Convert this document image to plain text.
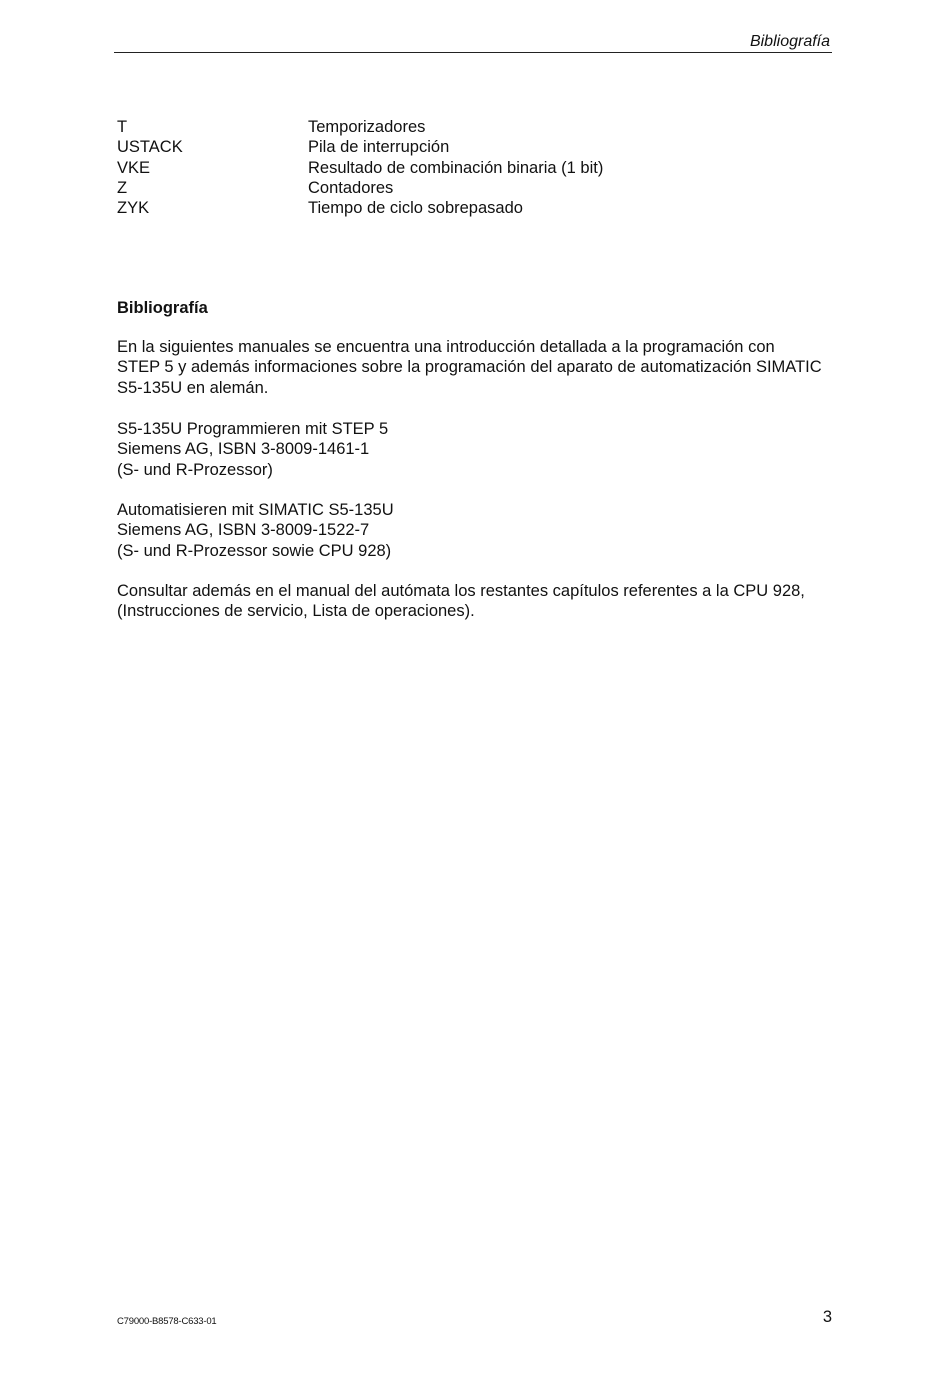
Bibliografía
T	Temporizadores
USTACK	Pila de interrupción
VKE	Resultado de combinación binaria (1 bit)
Z	Contadores
ZYK	Tiempo de ciclo sobrepasado
Bibliografía
En la siguientes manuales se encuentra una introducción detallada a la programación con
STEP 5 y además informaciones sobre la programación del aparato de automatización SIMATIC
S5-135U en alemán.
S5-135U Programmieren mit STEP 5
Siemens AG, ISBN 3-8009-1461-1
(S- und R-Prozessor)
Automatisieren mit SIMATIC S5-135U
Siemens AG, ISBN 3-8009-1522-7
(S- und R-Prozessor sowie CPU 928)
Consultar además en el manual del autómata los restantes capítulos referentes a la CPU 928,
(Instrucciones de servicio, Lista de operaciones).
C79000-B8578-C633-01	3
